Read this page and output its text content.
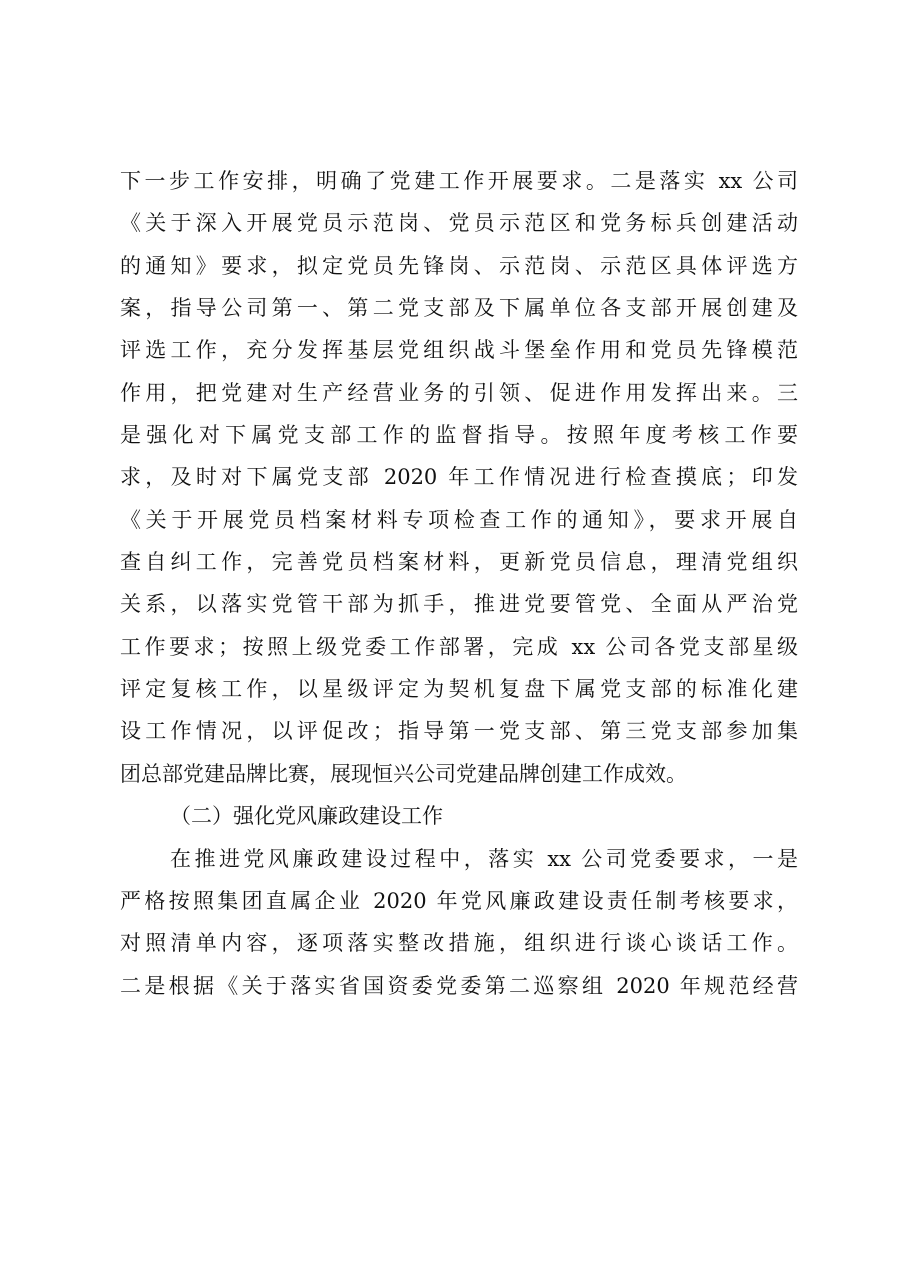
下一步工作安排，明确了党建工作开展要求。二是落实 xx 公司
《关于深入开展党员示范岗、党员示范区和党务标兵创建活动
的通知》要求，拟定党员先锋岗、示范岗、示范区具体评选方
案，指导公司第一、第二党支部及下属单位各支部开展创建及
评选工作，充分发挥基层党组织战斗堡垒作用和党员先锋模范
作用，把党建对生产经营业务的引领、促进作用发挥出来。三
是强化对下属党支部工作的监督指导。按照年度考核工作要
求，及时对下属党支部 2020 年工作情况进行检查摸底；印发
《关于开展党员档案材料专项检查工作的通知》，要求开展自
查自纠工作，完善党员档案材料，更新党员信息，理清党组织
关系，以落实党管干部为抓手，推进党要管党、全面从严治党
工作要求；按照上级党委工作部署，完成 xx 公司各党支部星级
评定复核工作，以星级评定为契机复盘下属党支部的标准化建
设工作情况，以评促改；指导第一党支部、第三党支部参加集
团总部党建品牌比赛，展现恒兴公司党建品牌创建工作成效。
（二）强化党风廉政建设工作
在推进党风廉政建设过程中，落实 xx 公司党委要求，一是
严格按照集团直属企业 2020 年党风廉政建设责任制考核要求，
对照清单内容，逐项落实整改措施，组织进行谈心谈话工作。
二是根据《关于落实省国资委党委第二巡察组 2020 年规范经营
